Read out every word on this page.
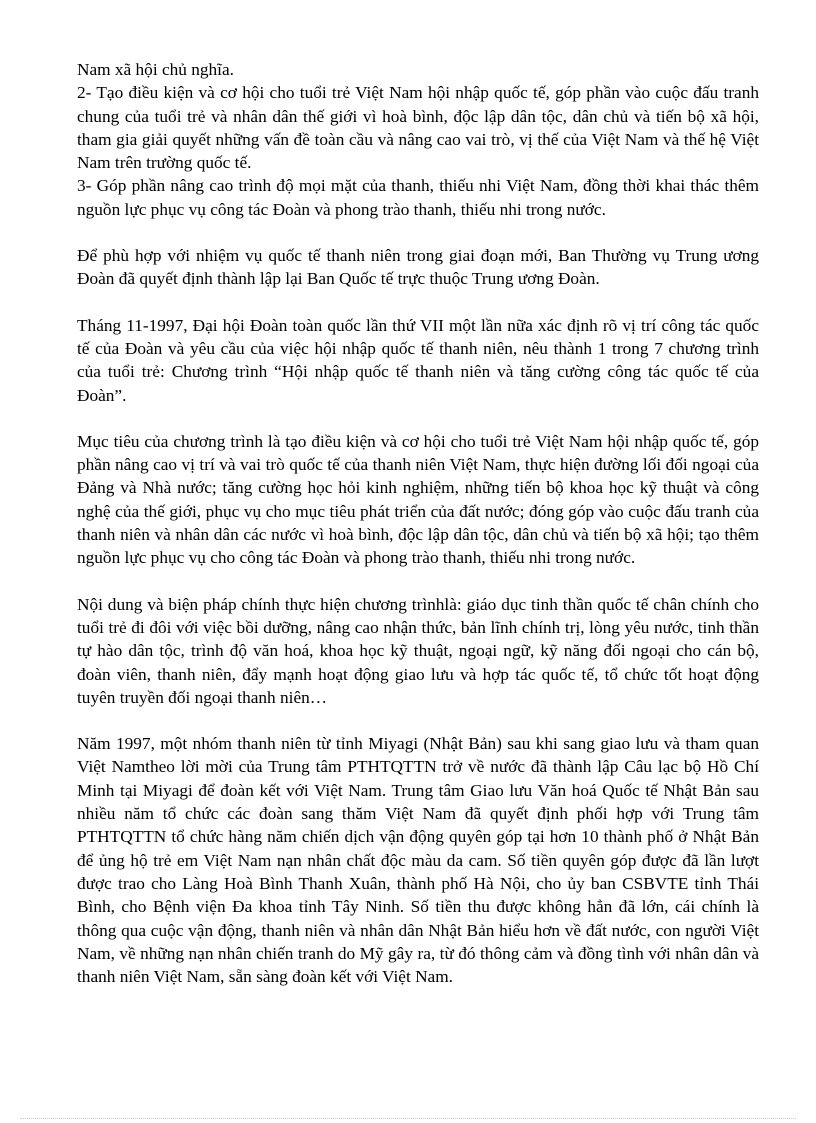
Nam xã hội chủ nghĩa.

2- Tạo điều kiện và cơ hội cho tuổi trẻ Việt Nam hội nhập quốc tế, góp phần vào cuộc đấu tranh chung của tuổi trẻ và nhân dân thế giới vì hoà bình, độc lập dân tộc, dân chủ và tiến bộ xã hội, tham gia giải quyết những vấn đề toàn cầu và nâng cao vai trò, vị thế của Việt Nam và thế hệ Việt Nam trên trường quốc tế.

3- Góp phần nâng cao trình độ mọi mặt của thanh, thiếu nhi Việt Nam, đồng thời khai thác thêm nguồn lực phục vụ công tác Đoàn và phong trào thanh, thiếu nhi trong nước.

Để phù hợp với nhiệm vụ quốc tế thanh niên trong giai đoạn mới, Ban Thường vụ Trung ương Đoàn đã quyết định thành lập lại Ban Quốc tế trực thuộc Trung ương Đoàn.

Tháng 11-1997, Đại hội Đoàn toàn quốc lần thứ VII một lần nữa xác định rõ vị trí công tác quốc tế của Đoàn và yêu cầu của việc hội nhập quốc tế thanh niên, nêu thành 1 trong 7 chương trình của tuổi trẻ: Chương trình “Hội nhập quốc tế thanh niên và tăng cường công tác quốc tế của Đoàn”.

Mục tiêu của chương trình là tạo điều kiện và cơ hội cho tuổi trẻ Việt Nam hội nhập quốc tế, góp phần nâng cao vị trí và vai trò quốc tế của thanh niên Việt Nam, thực hiện đường lối đối ngoại của Đảng và Nhà nước; tăng cường học hỏi kinh nghiệm, những tiến bộ khoa học kỹ thuật và công nghệ của thế giới, phục vụ cho mục tiêu phát triển của đất nước; đóng góp vào cuộc đấu tranh của thanh niên và nhân dân các nước vì hoà bình, độc lập dân tộc, dân chủ và tiến bộ xã hội; tạo thêm nguồn lực phục vụ cho công tác Đoàn và phong trào thanh, thiếu nhi trong nước.

Nội dung và biện pháp chính thực hiện chương trìnhlà: giáo dục tinh thần quốc tế chân chính cho tuổi trẻ đi đôi với việc bồi dưỡng, nâng cao nhận thức, bản lĩnh chính trị, lòng yêu nước, tinh thần tự hào dân tộc, trình độ văn hoá, khoa học kỹ thuật, ngoại ngữ, kỹ năng đối ngoại cho cán bộ, đoàn viên, thanh niên, đẩy mạnh hoạt động giao lưu và hợp tác quốc tế, tổ chức tốt hoạt động tuyên truyền đối ngoại thanh niên…

Năm 1997, một nhóm thanh niên từ tỉnh Miyagi (Nhật Bản) sau khi sang giao lưu và tham quan Việt Namtheo lời mời của Trung tâm PTHTQTTN trở về nước đã thành lập Câu lạc bộ Hồ Chí Minh tại Miyagi để đoàn kết với Việt Nam. Trung tâm Giao lưu Văn hoá Quốc tế Nhật Bản sau nhiều năm tổ chức các đoàn sang thăm Việt Nam đã quyết định phối hợp với Trung tâm PTHTQTTN tổ chức hàng năm chiến dịch vận động quyên góp tại hơn 10 thành phố ở Nhật Bản để ủng hộ trẻ em Việt Nam nạn nhân chất độc màu da cam. Số tiền quyên góp được đã lần lượt được trao cho Làng Hoà Bình Thanh Xuân, thành phố Hà Nội, cho ủy ban CSBVTE tỉnh Thái Bình, cho Bệnh viện Đa khoa tỉnh Tây Ninh. Số tiền thu được không hẳn đã lớn, cái chính là thông qua cuộc vận động, thanh niên và nhân dân Nhật Bản hiểu hơn về đất nước, con người Việt Nam, về những nạn nhân chiến tranh do Mỹ gây ra, từ đó thông cảm và đồng tình với nhân dân và thanh niên Việt Nam, sẵn sàng đoàn kết với Việt Nam.
